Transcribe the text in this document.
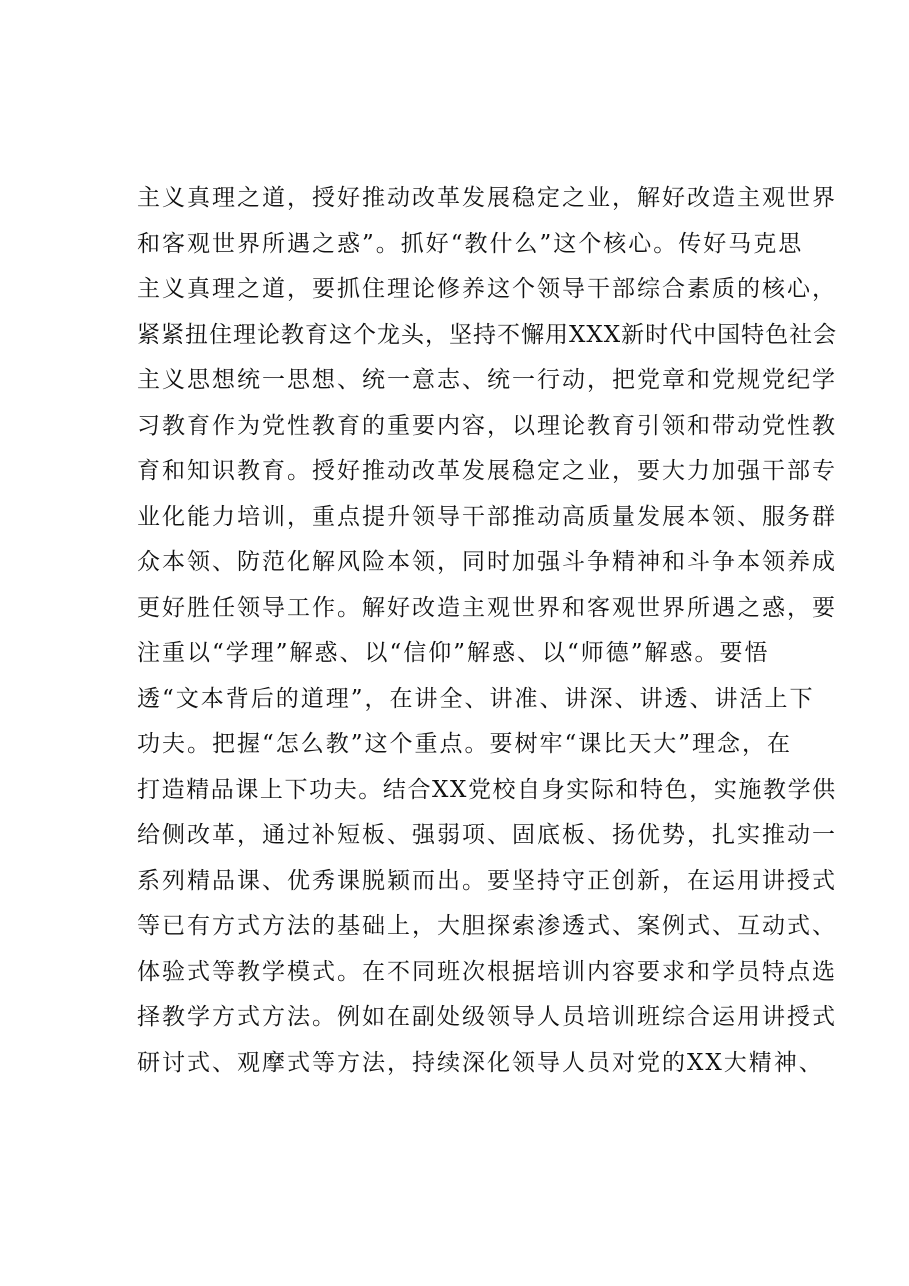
主义真理之道，授好推动改革发展稳定之业，解好改造主观世界
和客观世界所遇之惑”。抓好“教什么”这个核心。传好马克思
主义真理之道，要抓住理论修养这个领导干部综合素质的核心，
紧紧扭住理论教育这个龙头，坚持不懈用XXX新时代中国特色社会
主义思想统一思想、统一意志、统一行动，把党章和党规党纪学
习教育作为党性教育的重要内容，以理论教育引领和带动党性教
育和知识教育。授好推动改革发展稳定之业，要大力加强干部专
业化能力培训，重点提升领导干部推动高质量发展本领、服务群
众本领、防范化解风险本领，同时加强斗争精神和斗争本领养成
更好胜任领导工作。解好改造主观世界和客观世界所遇之惑，要
注重以“学理”解惑、以“信仰”解惑、以“师德”解惑。要悟
透“文本背后的道理”，在讲全、讲准、讲深、讲透、讲活上下
功夫。把握“怎么教”这个重点。要树牢“课比天大”理念，在
打造精品课上下功夫。结合XX党校自身实际和特色，实施教学供
给侧改革，通过补短板、强弱项、固底板、扬优势，扎实推动一
系列精品课、优秀课脱颖而出。要坚持守正创新，在运用讲授式
等已有方式方法的基础上，大胆探索渗透式、案例式、互动式、
体验式等教学模式。在不同班次根据培训内容要求和学员特点选
择教学方式方法。例如在副处级领导人员培训班综合运用讲授式
研讨式、观摩式等方法，持续深化领导人员对党的XX大精神、
